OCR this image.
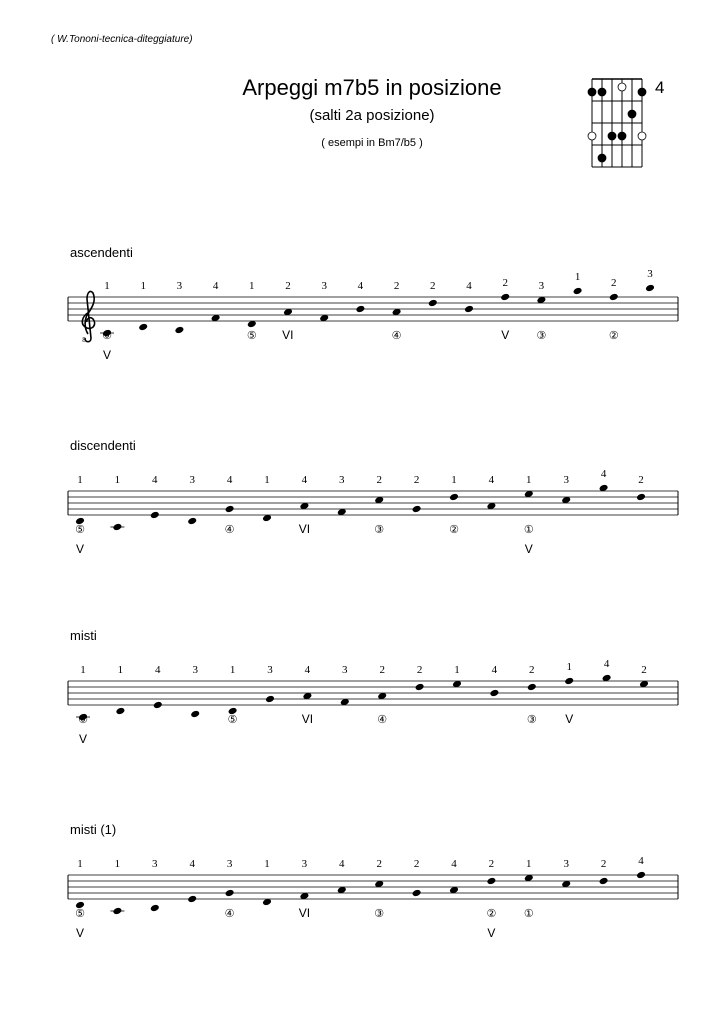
( W.Tononi-tecnica-diteggiature)
Arpeggi m7b5 in posizione
(salti 2a posizione)
( esempi in Bm7/b5 )
4
ascendenti
8
1
⑥
V
1	3	4	1
⑤ VI
2	3	4	2
④
2	4	2
V
3
③
1	2
②
3
discendenti
1
⑤
V
1	4	3	4
④
1	4
VI
3	2
③
2	1
②
4	1
①
V
3	4	2
misti
1
⑥
V
1	4	3	1
⑤
3	4
VI
3	2
④
2	1	4	2
③
1
V
4	2
misti (1)
1
⑤
V
1	3	4	3
④
1	3
VI
4	2
③
2	4	2
②
V
1
①
3	2	4
